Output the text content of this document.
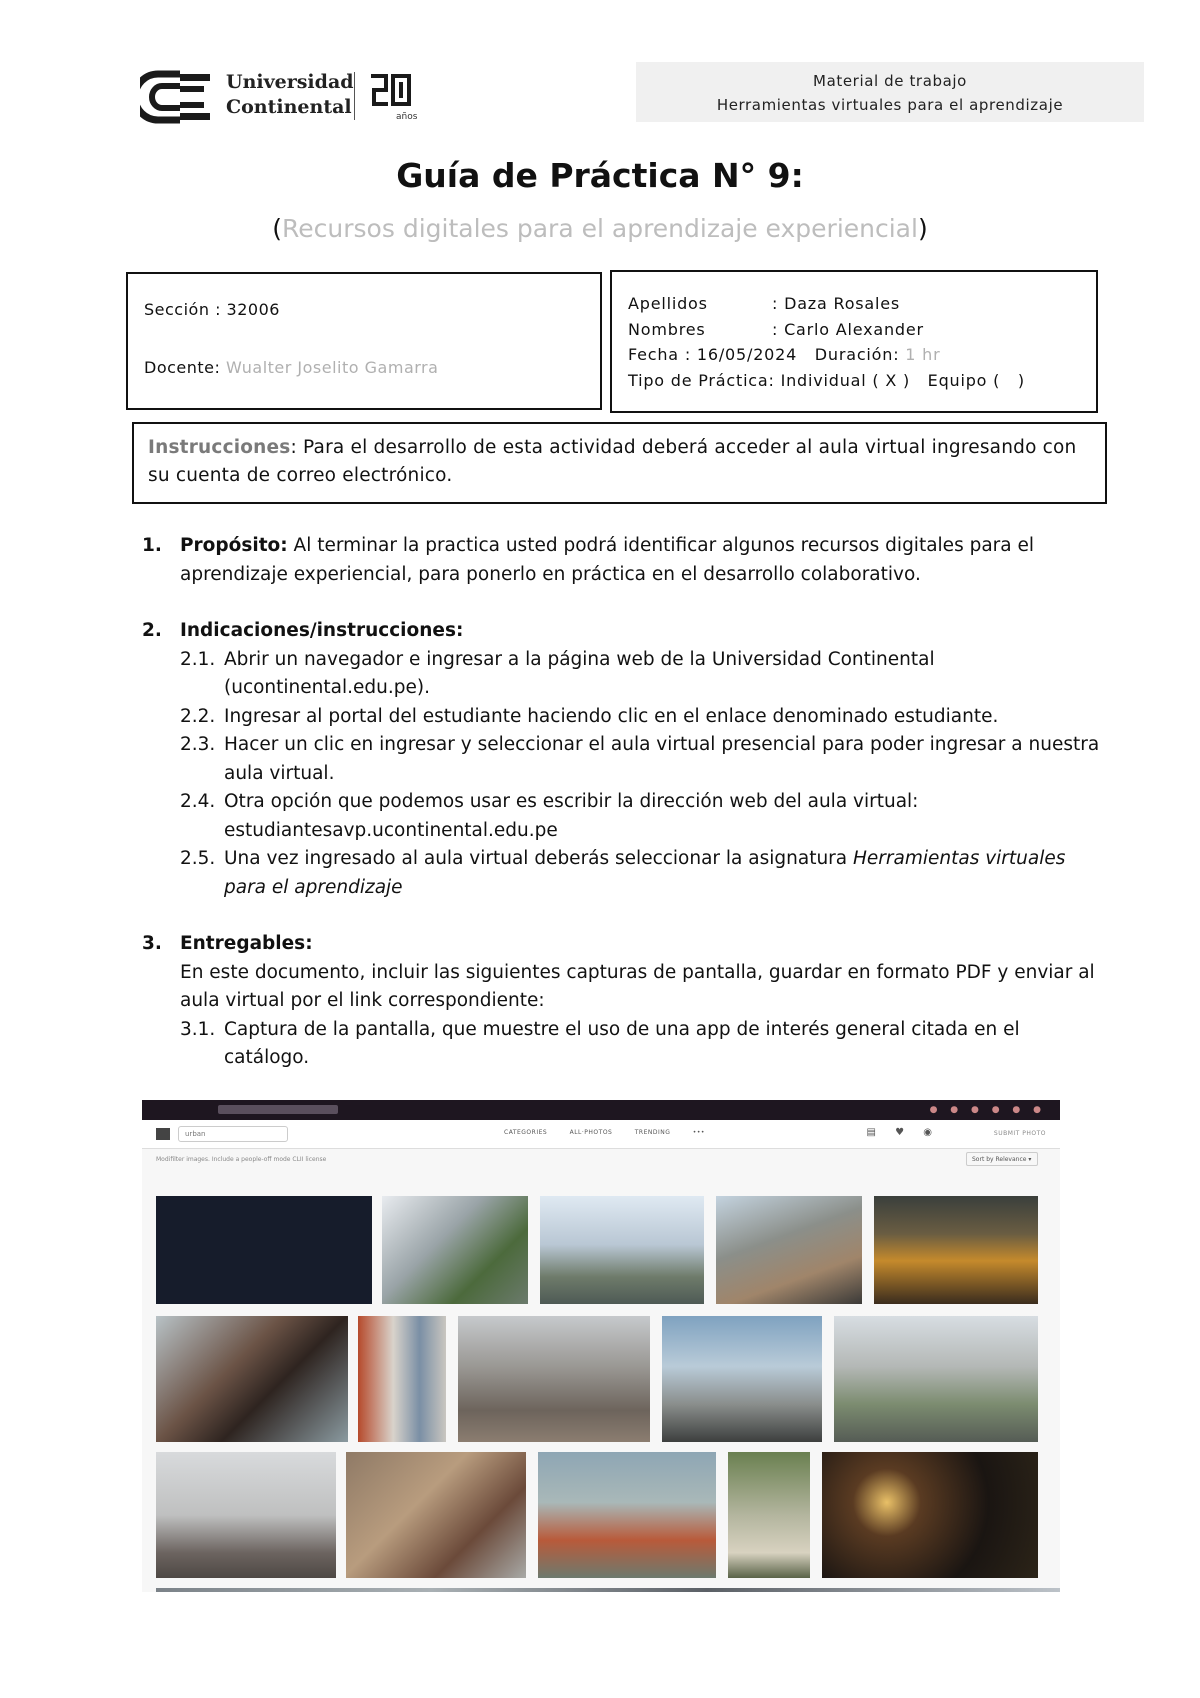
Universidad
Continental	años
Material de trabajo
Herramientas virtuales para el aprendizaje
Guía de Práctica N° 9:
(Recursos digitales para el aprendizaje experiencial)
Sección : 32006
Docente: Wualter Joselito Gamarra
Apellidos	: Daza Rosales
Nombres	: Carlo Alexander
Fecha : 16/05/2024 Duración: 1 hr
Tipo de Práctica: Individual ( X )   Equipo (   )
Instrucciones: Para el desarrollo de esta actividad deberá acceder al aula virtual ingresando con su cuenta de correo electrónico.
1. Propósito: Al terminar la practica usted podrá identificar algunos recursos digitales para el aprendizaje experiencial, para ponerlo en práctica en el desarrollo colaborativo.
2. Indicaciones/instrucciones:
2.1. Abrir un navegador e ingresar a la página web de la Universidad Continental (ucontinental.edu.pe).
2.2. Ingresar al portal del estudiante haciendo clic en el enlace denominado estudiante.
2.3. Hacer un clic en ingresar y seleccionar el aula virtual presencial para poder ingresar a nuestra aula virtual.
2.4. Otra opción que podemos usar es escribir la dirección web del aula virtual: estudiantesavp.ucontinental.edu.pe
2.5. Una vez ingresado al aula virtual deberás seleccionar la asignatura Herramientas virtuales para el aprendizaje
3. Entregables:
En este documento, incluir las siguientes capturas de pantalla, guardar en formato PDF y enviar al aula virtual por el link correspondiente:
3.1. Captura de la pantalla, que muestre el uso de una app de interés general citada en el catálogo.
● ● ● ● ● ●
urban	CATEGORIES ALL·PHOTOS TRENDING •••	▤ ♥ ◉	SUBMIT PHOTO
Modifilter images. Include a people-off mode CLII license	Sort by Relevance ▾
